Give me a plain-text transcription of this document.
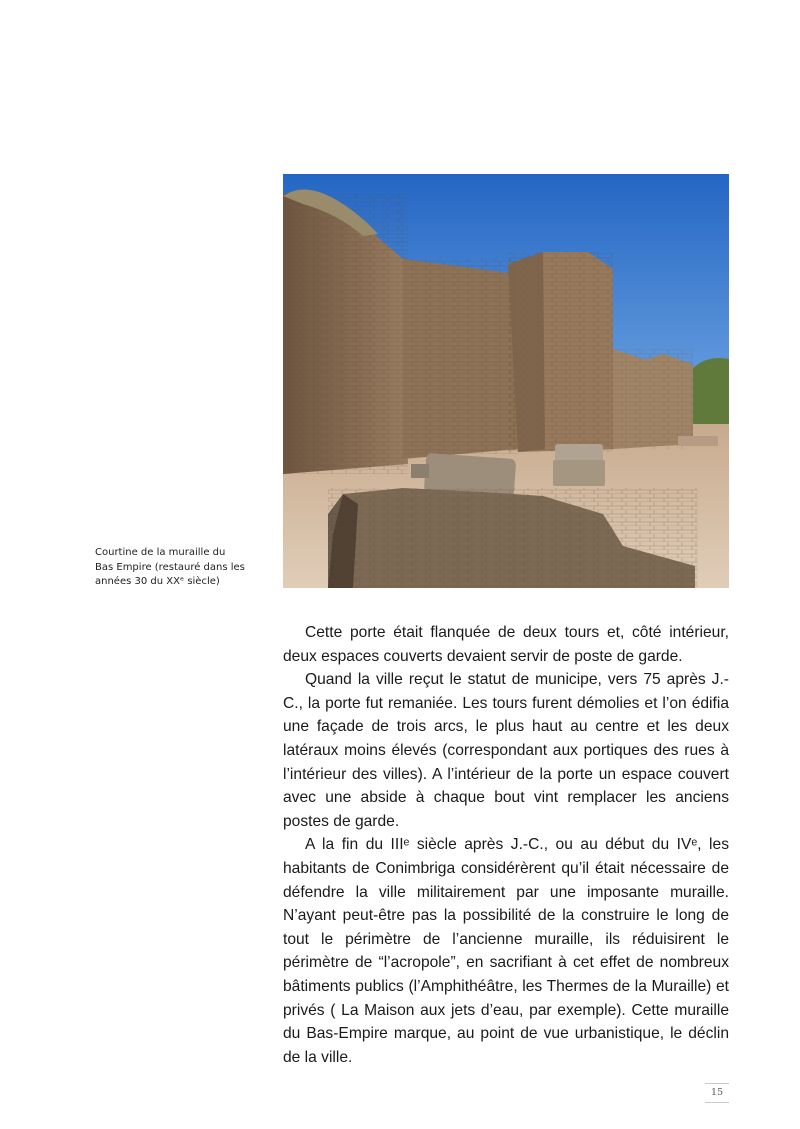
Courtine de la muraille du
Bas Empire (restauré dans les
années 30 du XXᵉ siècle)

Cette porte était flanquée de deux tours et, côté intérieur, deux espaces couverts devaient servir de poste de garde.

Quand la ville reçut le statut de municipe, vers 75 après J.-C., la porte fut remaniée. Les tours furent démolies et l’on édifia une façade de trois arcs, le plus haut au centre et les deux latéraux moins élevés (correspondant aux portiques des rues à l’intérieur des villes). A l’intérieur de la porte un espace couvert avec une abside à chaque bout vint remplacer les anciens postes de garde.

A la fin du IIIᵉ siècle après J.-C., ou au début du IVᵉ, les habitants de Conimbriga considérèrent qu’il était nécessaire de défendre la ville militairement par une imposante muraille. N’ayant peut-être pas la possibilité de la construire le long de tout le périmètre de l’ancienne muraille, ils réduisirent le périmètre de “l’acropole”, en sacrifiant à cet effet de nombreux bâtiments publics (l’Amphithéâtre, les Thermes de la Muraille) et privés ( La Maison aux jets d’eau, par exemple). Cette muraille du Bas-Empire marque, au point de vue urbanistique, le déclin de la ville.

15
